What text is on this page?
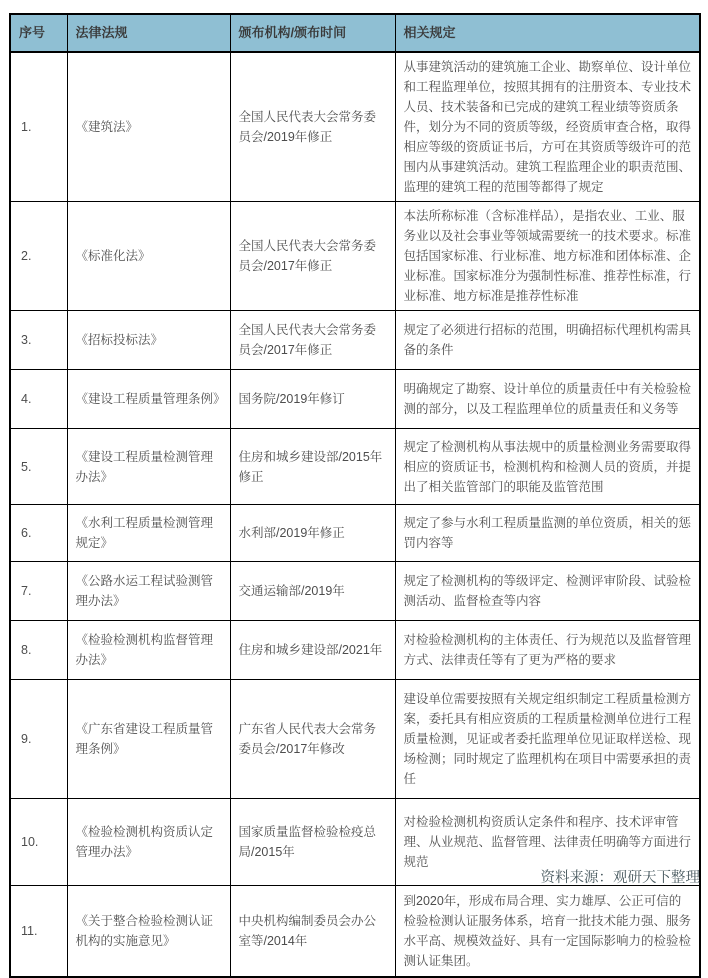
序号	法律法规	颁布机构/颁布时间	相关规定
1.	《建筑法》	全国人民代表大会常务委员会/2019年修正	从事建筑活动的建筑施工企业、勘察单位、设计单位和工程监理单位，按照其拥有的注册资本、专业技术人员、技术装备和已完成的建筑工程业绩等资质条件，划分为不同的资质等级，经资质审查合格，取得相应等级的资质证书后，方可在其资质等级许可的范围内从事建筑活动。建筑工程监理企业的职责范围、监理的建筑工程的范围等都得了规定
2.	《标准化法》	全国人民代表大会常务委员会/2017年修正	本法所称标准（含标准样品），是指农业、工业、服务业以及社会事业等领域需要统一的技术要求。标准包括国家标准、行业标准、地方标准和团体标准、企业标准。国家标准分为强制性标准、推荐性标准，行业标准、地方标准是推荐性标准
3.	《招标投标法》	全国人民代表大会常务委员会/2017年修正	规定了必须进行招标的范围，明确招标代理机构需具备的条件
4.	《建设工程质量管理条例》	国务院/2019年修订	明确规定了勘察、设计单位的质量责任中有关检验检测的部分，以及工程监理单位的质量责任和义务等
5.	《建设工程质量检测管理办法》	住房和城乡建设部/2015年修正	规定了检测机构从事法规中的质量检测业务需要取得相应的资质证书，检测机构和检测人员的资质，并提出了相关监管部门的职能及监管范围
6.	《水利工程质量检测管理规定》	水利部/2019年修正	规定了参与水利工程质量监测的单位资质，相关的惩罚内容等
7.	《公路水运工程试验测管理办法》	交通运输部/2019年	规定了检测机构的等级评定、检测评审阶段、试验检测活动、监督检查等内容
8.	《检验检测机构监督管理办法》	住房和城乡建设部/2021年	对检验检测机构的主体责任、行为规范以及监督管理方式、法律责任等有了更为严格的要求
9.	《广东省建设工程质量管理条例》	广东省人民代表大会常务委员会/2017年修改	建设单位需要按照有关规定组织制定工程质量检测方案，委托具有相应资质的工程质量检测单位进行工程质量检测，见证或者委托监理单位见证取样送检、现场检测；同时规定了监理机构在项目中需要承担的责任
10.	《检验检测机构资质认定管理办法》	国家质量监督检验检疫总局/2015年	对检验检测机构资质认定条件和程序、技术评审管理、从业规范、监督管理、法律责任明确等方面进行规范
11.	《关于整合检验检测认证机构的实施意见》	中央机构编制委员会办公室等/2014年	到2020年，形成布局合理、实力雄厚、公正可信的检验检测认证服务体系，培育一批技术能力强、服务水平高、规模效益好、具有一定国际影响力的检验检测认证集团。
资料来源：观研天下整理
